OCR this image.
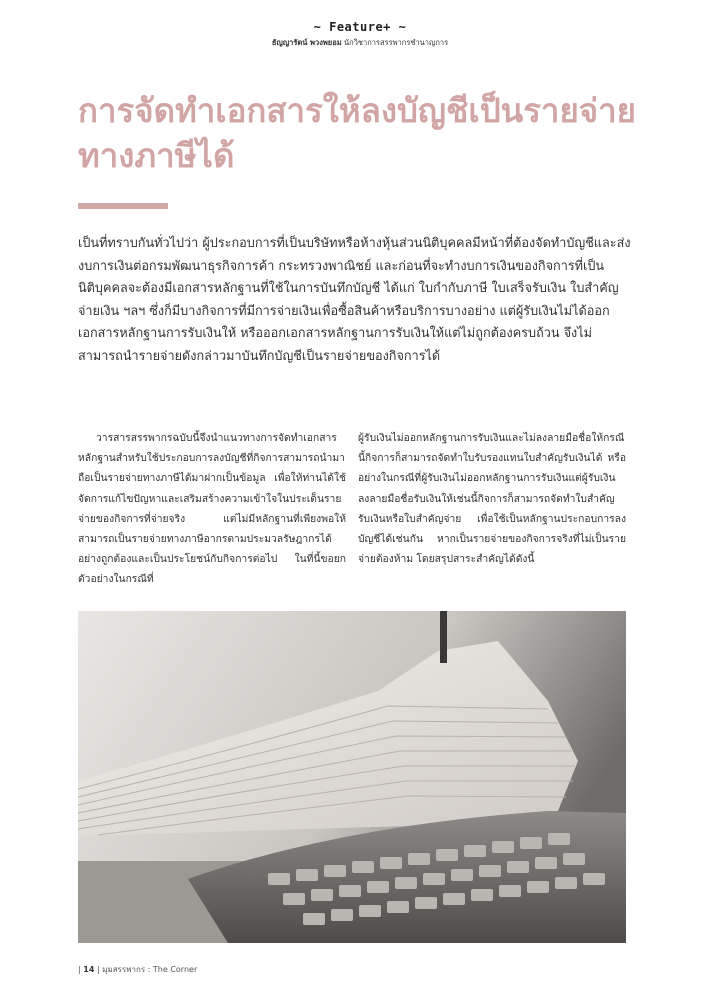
~ Feature+ ~
ธัญญารัตน์ พวงพยอม นักวิชาการสรรพากรชำนาญการ
การจัดทำเอกสารให้ลงบัญชีเป็นรายจ่ายทางภาษีได้

เป็นที่ทราบกันทั่วไปว่า ผู้ประกอบการที่เป็นบริษัทหรือห้างหุ้นส่วนนิติบุคคลมีหน้าที่ต้องจัดทำบัญชีและส่งงบการเงินต่อกรมพัฒนาธุรกิจการค้า กระทรวงพาณิชย์ และก่อนที่จะทำงบการเงินของกิจการที่เป็นนิติบุคคลจะต้องมีเอกสารหลักฐานที่ใช้ในการบันทึกบัญชี ได้แก่ ใบกำกับภาษี ใบเสร็จรับเงิน ใบสำคัญจ่ายเงิน ฯลฯ ซึ่งก็มีบางกิจการที่มีการจ่ายเงินเพื่อซื้อสินค้าหรือบริการบางอย่าง แต่ผู้รับเงินไม่ได้ออกเอกสารหลักฐานการรับเงินให้ หรือออกเอกสารหลักฐานการรับเงินให้แต่ไม่ถูกต้องครบถ้วน จึงไม่สามารถนำรายจ่ายดังกล่าวมาบันทึกบัญชีเป็นรายจ่ายของกิจการได้

วารสารสรรพากรฉบับนี้จึงนำแนวทางการจัดทำเอกสารหลักฐานสำหรับใช้ประกอบการลงบัญชีที่กิจการสามารถนำมาถือเป็นรายจ่ายทางภาษีได้มาฝากเป็นข้อมูล เพื่อให้ท่านได้ใช้จัดการแก้ไขปัญหาและเสริมสร้างความเข้าใจในประเด็นรายจ่ายของกิจการที่จ่ายจริง แต่ไม่มีหลักฐานที่เพียงพอให้สามารถเป็นรายจ่ายทางภาษีอากรตามประมวลรัษฎากรได้อย่างถูกต้องและเป็นประโยชน์กับกิจการต่อไป ในที่นี้ขอยกตัวอย่างในกรณีที่

ผู้รับเงินไม่ออกหลักฐานการรับเงินและไม่ลงลายมือชื่อให้กรณีนี้กิจการก็สามารถจัดทำใบรับรองแทนใบสำคัญรับเงินได้ หรืออย่างในกรณีที่ผู้รับเงินไม่ออกหลักฐานการรับเงินแต่ผู้รับเงินลงลายมือชื่อรับเงินให้เช่นนี้กิจการก็สามารถจัดทำใบสำคัญรับเงินหรือใบสำคัญจ่าย เพื่อใช้เป็นหลักฐานประกอบการลงบัญชีได้เช่นกัน หากเป็นรายจ่ายของกิจการจริงที่ไม่เป็นรายจ่ายต้องห้าม โดยสรุปสาระสำคัญได้ดังนี้

| 14 | มุมสรรพากร : The Corner
